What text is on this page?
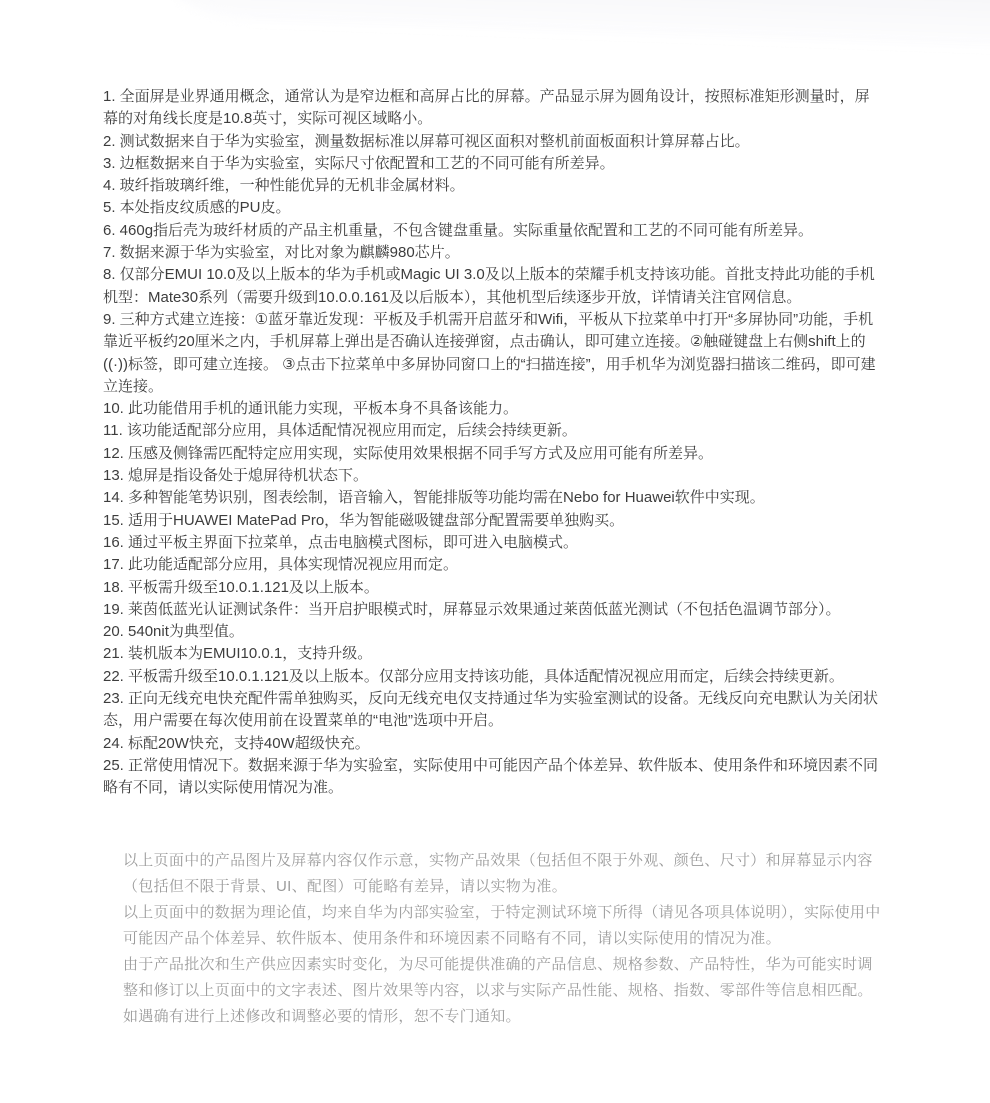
1. 全面屏是业界通用概念，通常认为是窄边框和高屏占比的屏幕。产品显示屏为圆角设计，按照标准矩形测量时，屏幕的对角线长度是10.8英寸，实际可视区域略小。

2. 测试数据来自于华为实验室，测量数据标准以屏幕可视区面积对整机前面板面积计算屏幕占比。

3. 边框数据来自于华为实验室，实际尺寸依配置和工艺的不同可能有所差异。

4. 玻纤指玻璃纤维，一种性能优异的无机非金属材料。

5. 本处指皮纹质感的PU皮。

6. 460g指后壳为玻纤材质的产品主机重量，不包含键盘重量。实际重量依配置和工艺的不同可能有所差异。

7. 数据来源于华为实验室，对比对象为麒麟980芯片。

8. 仅部分EMUI 10.0及以上版本的华为手机或Magic UI 3.0及以上版本的荣耀手机支持该功能。首批支持此功能的手机机型：Mate30系列（需要升级到10.0.0.161及以后版本），其他机型后续逐步开放，详情请关注官网信息。

9. 三种方式建立连接：①蓝牙靠近发现：平板及手机需开启蓝牙和Wifi，平板从下拉菜单中打开“多屏协同”功能，手机靠近平板约20厘米之内，手机屏幕上弹出是否确认连接弹窗，点击确认，即可建立连接。②触碰键盘上右侧shift上的((·))标签，即可建立连接。 ③点击下拉菜单中多屏协同窗口上的“扫描连接”，用手机华为浏览器扫描该二维码，即可建立连接。

10. 此功能借用手机的通讯能力实现，平板本身不具备该能力。

11. 该功能适配部分应用，具体适配情况视应用而定，后续会持续更新。

12. 压感及侧锋需匹配特定应用实现，实际使用效果根据不同手写方式及应用可能有所差异。

13. 熄屏是指设备处于熄屏待机状态下。

14. 多种智能笔势识别，图表绘制，语音输入，智能排版等功能均需在Nebo for Huawei软件中实现。

15. 适用于HUAWEI MatePad Pro，华为智能磁吸键盘部分配置需要单独购买。

16. 通过平板主界面下拉菜单，点击电脑模式图标，即可进入电脑模式。

17. 此功能适配部分应用，具体实现情况视应用而定。

18. 平板需升级至10.0.1.121及以上版本。

19. 莱茵低蓝光认证测试条件：当开启护眼模式时，屏幕显示效果通过莱茵低蓝光测试（不包括色温调节部分）。

20. 540nit为典型值。

21. 装机版本为EMUI10.0.1，支持升级。

22. 平板需升级至10.0.1.121及以上版本。仅部分应用支持该功能，具体适配情况视应用而定，后续会持续更新。

23. 正向无线充电快充配件需单独购买，反向无线充电仅支持通过华为实验室测试的设备。无线反向充电默认为关闭状态，用户需要在每次使用前在设置菜单的“电池”选项中开启。

24. 标配20W快充，支持40W超级快充。

25. 正常使用情况下。数据来源于华为实验室，实际使用中可能因产品个体差异、软件版本、使用条件和环境因素不同略有不同，请以实际使用情况为准。

以上页面中的产品图片及屏幕内容仅作示意，实物产品效果（包括但不限于外观、颜色、尺寸）和屏幕显示内容（包括但不限于背景、UI、配图）可能略有差异，请以实物为准。

以上页面中的数据为理论值，均来自华为内部实验室，于特定测试环境下所得（请见各项具体说明），实际使用中可能因产品个体差异、软件版本、使用条件和环境因素不同略有不同，请以实际使用的情况为准。

由于产品批次和生产供应因素实时变化，为尽可能提供准确的产品信息、规格参数、产品特性，华为可能实时调整和修订以上页面中的文字表述、图片效果等内容，以求与实际产品性能、规格、指数、零部件等信息相匹配。

如遇确有进行上述修改和调整必要的情形，恕不专门通知。
